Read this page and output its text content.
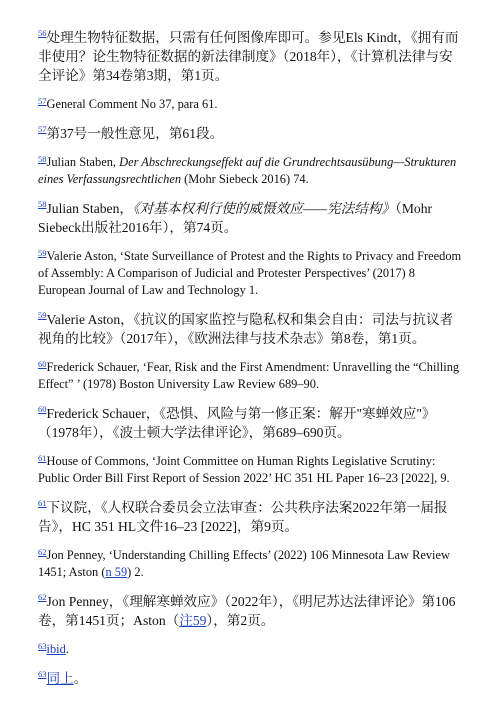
$^{56}$处理生物特征数据，只需有任何图像库即可。参见Els Kindt，《拥有而非使用？论生物特征数据的新法律制度》（2018年），《计算机法律与安全评论》第34卷第3期，第1页。

$^{57}$General Comment No 37, para 61.

$^{57}$第37号一般性意见，第61段。

$^{58}$Julian Staben, Der Abschreckungseffekt auf die Grundrechtsausübung—Strukturen eines Verfassungsrechtlichen (Mohr Siebeck 2016) 74.

$^{58}$Julian Staben，《对基本权利行使的威慑效应——宪法结构》（Mohr Siebeck出版社2016年），第74页。

$^{59}$Valerie Aston, ‘State Surveillance of Protest and the Rights to Privacy and Freedom of Assembly: A Comparison of Judicial and Protester Perspectives’ (2017) 8 European Journal of Law and Technology 1.

$^{59}$Valerie Aston，《抗议的国家监控与隐私权和集会自由：司法与抗议者视角的比较》（2017年），《欧洲法律与技术杂志》第8卷，第1页。

$^{60}$Frederick Schauer, ‘Fear, Risk and the First Amendment: Unravelling the “Chilling Effect” ’ (1978) Boston University Law Review 689–90.

$^{60}$Frederick Schauer，《恐惧、风险与第一修正案：解开"寒蝉效应"》（1978年），《波士顿大学法律评论》，第689–690页。

$^{61}$House of Commons, ‘Joint Committee on Human Rights Legislative Scrutiny: Public Order Bill First Report of Session 2022’ HC 351 HL Paper 16–23 [2022], 9.

$^{61}$下议院，《人权联合委员会立法审查：公共秩序法案2022年第一届报告》，HC 351 HL文件16–23 [2022]，第9页。

$^{62}$Jon Penney, ‘Understanding Chilling Effects’ (2022) 106 Minnesota Law Review 1451; Aston (n 59) 2.

$^{62}$Jon Penney，《理解寒蝉效应》（2022年），《明尼苏达法律评论》第106卷，第1451页；Aston（注59），第2页。

$^{63}$ibid.

$^{63}$同上。
